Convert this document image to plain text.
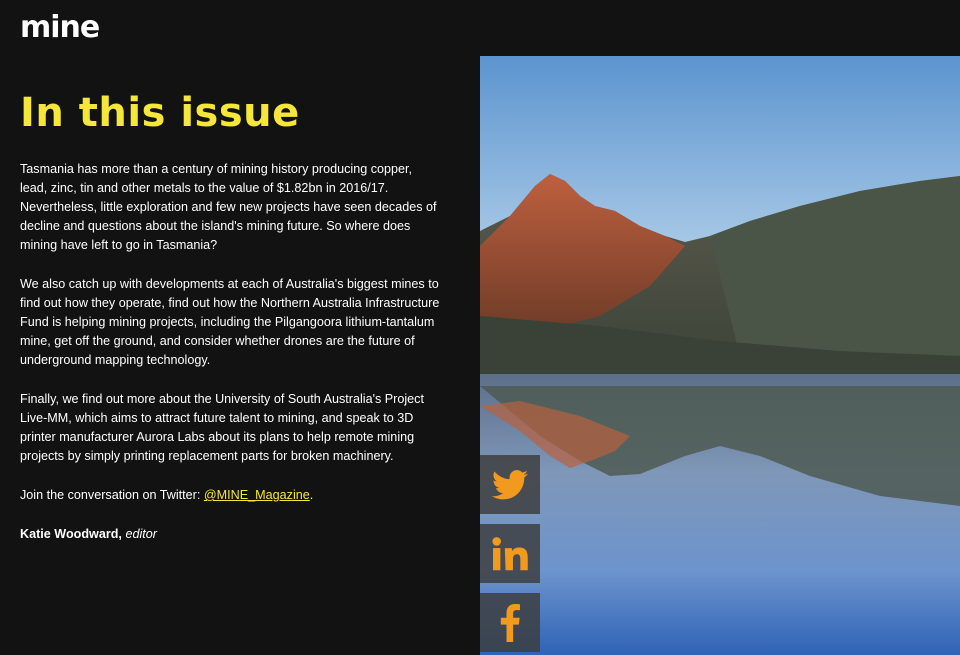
mine
In this issue

Tasmania has more than a century of mining history producing copper, lead, zinc, tin and other metals to the value of $1.82bn in 2016/17. Nevertheless, little exploration and few new projects have seen decades of decline and questions about the island's mining future. So where does mining have left to go in Tasmania?

We also catch up with developments at each of Australia's biggest mines to find out how they operate, find out how the Northern Australia Infrastructure Fund is helping mining projects, including the Pilgangoora lithium-tantalum mine, get off the ground, and consider whether drones are the future of underground mapping technology.

Finally, we find out more about the University of South Australia's Project Live-MM, which aims to attract future talent to mining, and speak to 3D printer manufacturer Aurora Labs about its plans to help remote mining projects by simply printing replacement parts for broken machinery.

Join the conversation on Twitter: @MINE_Magazine.

Katie Woodward, editor
